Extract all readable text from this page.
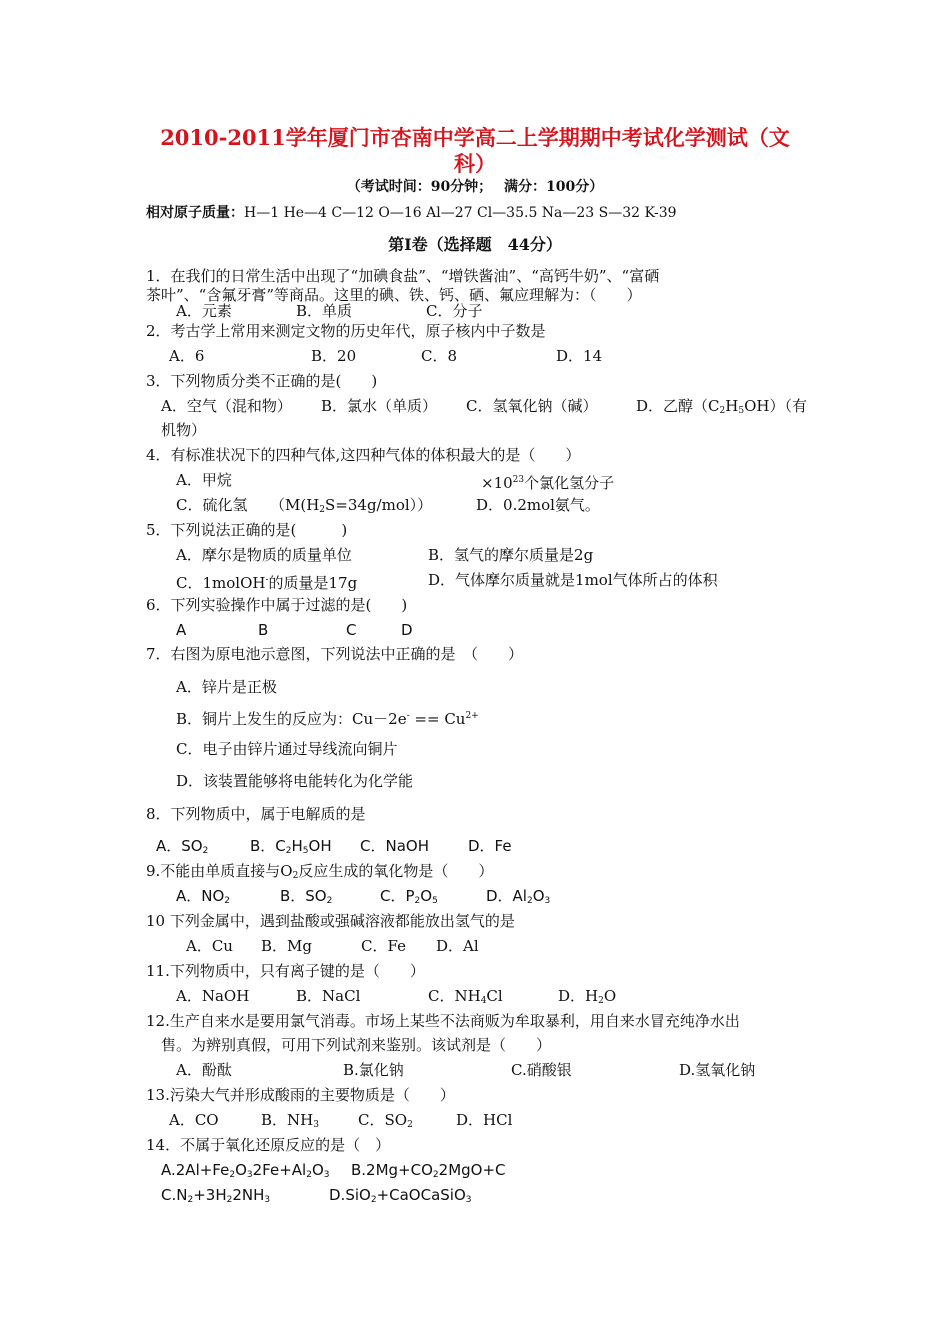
2010-2011学年厦门市杏南中学高二上学期期中考试化学测试（文
科）
（考试时间：90分钟；　 满分：100分）
相对原子质量：H—1 He—4 C—12 O—16 Al—27 Cl—35.5 Na—23 S—32 K-39
第Ⅰ卷（选择题　44分）
1．在我们的日常生活中出现了“加碘食盐”、“增铁酱油”、“高钙牛奶”、“富硒
茶叶”、“含氟牙膏”等商品。这里的碘、铁、钙、硒、氟应理解为：（　　）
A．元素	B．单质	C．分子
2．考古学上常用来测定文物的历史年代，原子核内中子数是
A．6	B．20	C．8	D．14
3．下列物质分类不正确的是(　　)
A．空气（混和物） B．氯水（单质） C．氢氧化钠（碱）	D．乙醇$(C_2H_5OH)$（有
机物）
4．有标准状况下的四种气体,这四种气体的体积最大的是（　　）
A．甲烷	$\times 10^{23}$个氯化氢分子
C．硫化氢　　$(M(H_2S=34g/mol))$	D．0.2mol氨气。
5．下列说法正确的是(　　　)
A．摩尔是物质的质量单位	B．氢气的摩尔质量是2g
C．1molOH-的质量是17g	D．气体摩尔质量就是1mol气体所占的体积
6．下列实验操作中属于过滤的是(　　)
A	B	C	D
7．右图为原电池示意图，下列说法中正确的是　（　　）
A．锌片是正极
B．铜片上发生的反应为：$Cu-2e^- == Cu^{2+}$
C．电子由锌片通过导线流向铜片
D．该装置能够将电能转化为化学能
8．下列物质中，属于电解质的是
A．$SO_2$	B．$C_2H_5OH$ C．NaOH	D．Fe
9.不能由单质直接与$O_2$反应生成的氧化物是（　　）
A．$NO_2$	B．$SO_2$	C．$P_2O_5$	D．$Al_2O_3$
10 下列金属中，遇到盐酸或强碱溶液都能放出氢气的是
A．Cu B．Mg	C．Fe D．Al
11.下列物质中，只有离子键的是（　　）
A．NaOH	B．NaCl	C．$NH_4Cl$	D．$H_2O$
12.生产自来水是要用氯气消毒。市场上某些不法商贩为牟取暴利，用自来水冒充纯净水出
售。为辨别真假，可用下列试剂来鉴别。该试剂是（　　）
A．酚酞	B.氯化钠	C.硝酸银	D.氢氧化钠
13.污染大气并形成酸雨的主要物质是（　　）
A．CO	B．$NH_3$	C．$SO_2$	D．HCl
14．不属于氧化还原反应的是（　）
$A.2Al+Fe_2O_32Fe+Al_2O_3$ $B.2Mg+CO_22MgO+C$
$C.N_2+3H_22NH_3$	D.SiO$_2$+CaOCaSiO$_3$
